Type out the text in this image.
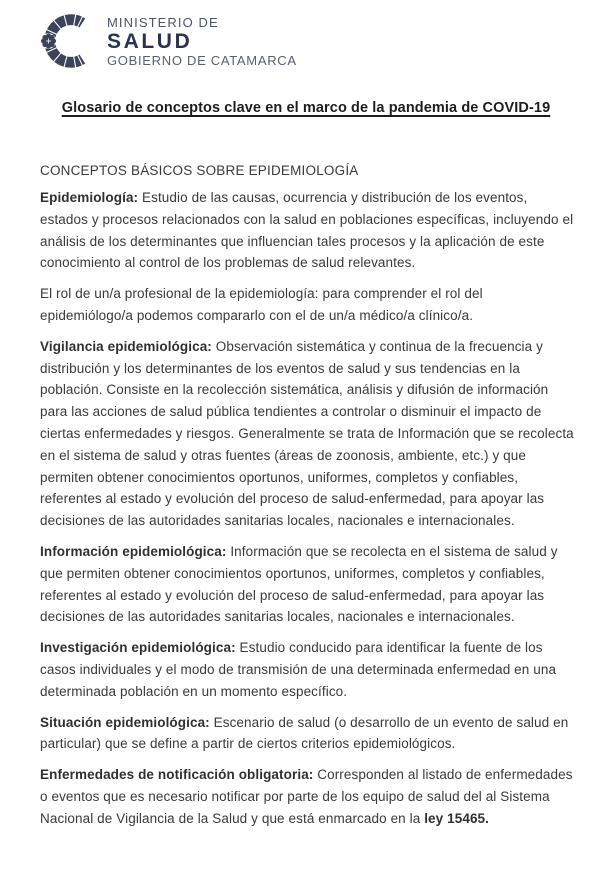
MINISTERIO DE
SALUD
GOBIERNO DE CATAMARCA
Glosario de conceptos clave en el marco de la pandemia de COVID-19
CONCEPTOS BÁSICOS SOBRE EPIDEMIOLOGÍA

Epidemiología: Estudio de las causas, ocurrencia y distribución de los eventos, estados y procesos relacionados con la salud en poblaciones específicas, incluyendo el análisis de los determinantes que influencian tales procesos y la aplicación de este conocimiento al control de los problemas de salud relevantes.

El rol de un/a profesional de la epidemiología: para comprender el rol del epidemiólogo/a podemos compararlo con el de un/a médico/a clínico/a.

Vigilancia epidemiológica: Observación sistemática y continua de la frecuencia y distribución y los determinantes de los eventos de salud y sus tendencias en la población. Consiste en la recolección sistemática, análisis y difusión de información para las acciones de salud pública tendientes a controlar o disminuir el impacto de ciertas enfermedades y riesgos. Generalmente se trata de Información que se recolecta en el sistema de salud y otras fuentes (áreas de zoonosis, ambiente, etc.) y que permiten obtener conocimientos oportunos, uniformes, completos y confiables, referentes al estado y evolución del proceso de salud-enfermedad, para apoyar las decisiones de las autoridades sanitarias locales, nacionales e internacionales.

Información epidemiológica: Información que se recolecta en el sistema de salud y que permiten obtener conocimientos oportunos, uniformes, completos y confiables, referentes al estado y evolución del proceso de salud-enfermedad, para apoyar las decisiones de las autoridades sanitarias locales, nacionales e internacionales.

Investigación epidemiológica: Estudio conducido para identificar la fuente de los casos individuales y el modo de transmisión de una determinada enfermedad en una determinada población en un momento específico.

Situación epidemiológica: Escenario de salud (o desarrollo de un evento de salud en particular) que se define a partir de ciertos criterios epidemiológicos.

Enfermedades de notificación obligatoria: Corresponden al listado de enfermedades o eventos que es necesario notificar por parte de los equipo de salud del al Sistema Nacional de Vigilancia de la Salud y que está enmarcado en la ley 15465.
